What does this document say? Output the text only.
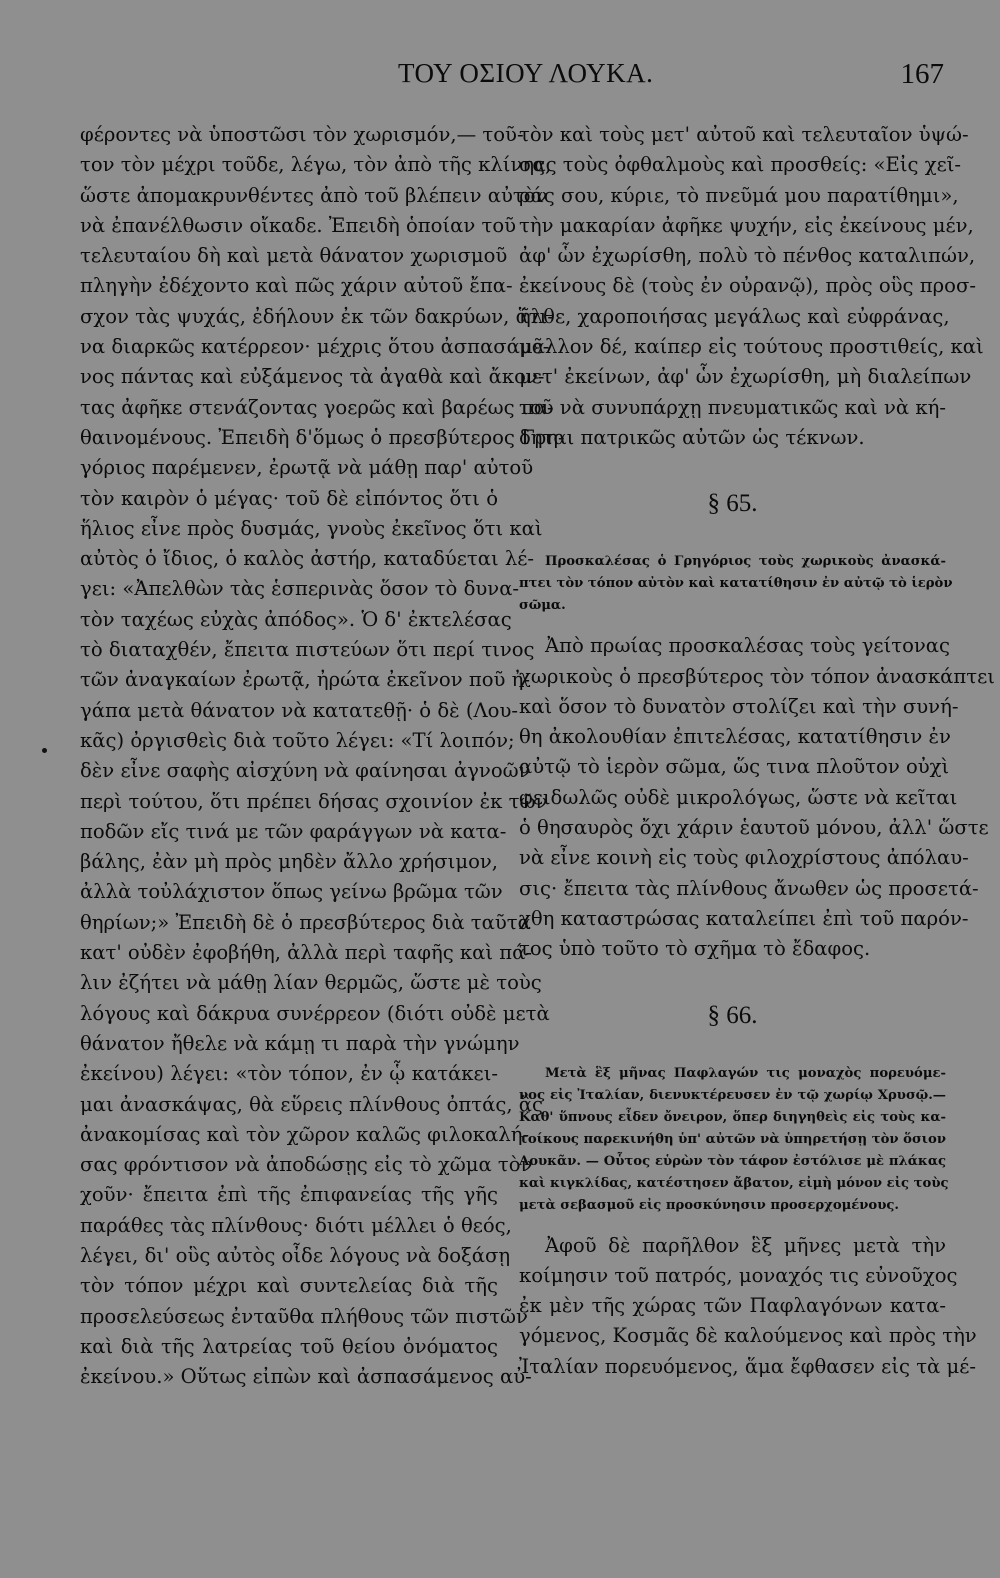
ΤΟΥ ΟΣΙΟΥ ΛΟΥΚΑ.	167
φέροντες νὰ ὑποστῶσι τὸν χωρισμόν,— τοῦ-
τον τὸν μέχρι τοῦδε, λέγω, τὸν ἀπὸ τῆς κλίνης,
ὥστε ἀπομακρυνθέντες ἀπὸ τοῦ βλέπειν αὐτὸν
νὰ ἐπανέλθωσιν οἴκαδε. Ἐπειδὴ ὁποίαν τοῦ
τελευταίου δὴ καὶ μετὰ θάνατον χωρισμοῦ
πληγὴν ἐδέχοντο καὶ πῶς χάριν αὐτοῦ ἔπα-
σχον τὰς ψυχάς, ἐδήλουν ἐκ τῶν δακρύων, ἅτι-
να διαρκῶς κατέρρεον· μέχρις ὅτου ἀσπασάμε-
νος πάντας καὶ εὐξάμενος τὰ ἀγαθὰ καὶ ἄκον-
τας ἀφῆκε στενάζοντας γοερῶς καὶ βαρέως πα-
θαινομένους. Ἐπειδὴ δ'ὅμως ὁ πρεσβύτερος Γρη-
γόριος παρέμενεν, ἐρωτᾷ νὰ μάθῃ παρ' αὐτοῦ
τὸν καιρὸν ὁ μέγας· τοῦ δὲ εἰπόντος ὅτι ὁ
ἥλιος εἶνε πρὸς δυσμάς, γνοὺς ἐκεῖνος ὅτι καὶ
αὐτὸς ὁ ἴδιος, ὁ καλὸς ἀστήρ, καταδύεται λέ-
γει: «Ἀπελθὼν τὰς ἑσπερινὰς ὅσον τὸ δυνα-
τὸν ταχέως εὐχὰς ἀπόδος». Ὁ δ' ἐκτελέσας
τὸ διαταχθέν, ἔπειτα πιστεύων ὅτι περί τινος
τῶν ἀναγκαίων ἐρωτᾷ, ἠρώτα ἐκεῖνον ποῦ ἠ-
γάπα μετὰ θάνατον νὰ κατατεθῇ· ὁ δὲ (Λου-
κᾶς) ὀργισθεὶς διὰ τοῦτο λέγει: «Τί λοιπόν;
δὲν εἶνε σαφὴς αἰσχύνη νὰ φαίνησαι ἀγνοῶν
περὶ τούτου, ὅτι πρέπει δήσας σχοινίον ἐκ τῶν
ποδῶν εἴς τινά με τῶν φαράγγων νὰ κατα-
βάλης, ἐὰν μὴ πρὸς μηδὲν ἄλλο χρήσιμον,
ἀλλὰ τοὐλάχιστον ὅπως γείνω βρῶμα τῶν
θηρίων;» Ἐπειδὴ δὲ ὁ πρεσβύτερος διὰ ταῦτα
κατ' οὐδὲν ἐφοβήθη, ἀλλὰ περὶ ταφῆς καὶ πά-
λιν ἐζήτει νὰ μάθῃ λίαν θερμῶς, ὥστε μὲ τοὺς
λόγους καὶ δάκρυα συνέρρεον (διότι οὐδὲ μετὰ
θάνατον ἤθελε νὰ κάμῃ τι παρὰ τὴν γνώμην
ἐκείνου) λέγει: «τὸν τόπον, ἐν ᾧ κατάκει-
μαι ἀνασκάψας, θὰ εὕρεις πλίνθους ὀπτάς, ἃς
ἀνακομίσας καὶ τὸν χῶρον καλῶς φιλοκαλή-
σας φρόντισον νὰ ἀποδώσῃς εἰς τὸ χῶμα τὸν
χοῦν· ἔπειτα ἐπὶ τῆς ἐπιφανείας τῆς γῆς
παράθες τὰς πλίνθους· διότι μέλλει ὁ θεός,
λέγει, δι' οὓς αὐτὸς οἶδε λόγους νὰ δοξάσῃ
τὸν τόπον μέχρι καὶ συντελείας διὰ τῆς
προσελεύσεως ἐνταῦθα πλήθους τῶν πιστῶν
καὶ διὰ τῆς λατρείας τοῦ θείου ὀνόματος
ἐκείνου.» Οὕτως εἰπὼν καὶ ἀσπασάμενος αὐ-
τὸν καὶ τοὺς μετ' αὐτοῦ καὶ τελευταῖον ὑψώ-
σας τοὺς ὀφθαλμοὺς καὶ προσθείς: «Εἰς χεῖ-
ράς σου, κύριε, τὸ πνεῦμά μου παρατίθημι»,
τὴν μακαρίαν ἀφῆκε ψυχήν, εἰς ἐκείνους μέν,
ἀφ' ὧν ἐχωρίσθη, πολὺ τὸ πένθος καταλιπών,
ἐκείνους δὲ (τοὺς ἐν οὐρανῷ), πρὸς οὓς προσ-
ῆλθε, χαροποιήσας μεγάλως καὶ εὐφράνας,
μᾶλλον δέ, καίπερ εἰς τούτους προστιθείς, καὶ
μετ' ἐκείνων, ἀφ' ὧν ἐχωρίσθη, μὴ διαλείπων
τοῦ νὰ συνυπάρχῃ πνευματικῶς καὶ νὰ κή-
δηται πατρικῶς αὐτῶν ὡς τέκνων.
§ 65.
Προσκαλέσας ὁ Γρηγόριος τοὺς χωρικοὺς ἀνασκά-
πτει τὸν τόπον αὐτὸν καὶ κατατίθησιν ἐν αὐτῷ τὸ ἱερὸν
σῶμα.
Ἀπὸ πρωίας προσκαλέσας τοὺς γείτονας
χωρικοὺς ὁ πρεσβύτερος τὸν τόπον ἀνασκάπτει
καὶ ὅσον τὸ δυνατὸν στολίζει καὶ τὴν συνή-
θη ἀκολουθίαν ἐπιτελέσας, κατατίθησιν ἐν
αὐτῷ τὸ ἱερὸν σῶμα, ὥς τινα πλοῦτον οὐχὶ
φειδωλῶς οὐδὲ μικρολόγως, ὥστε νὰ κεῖται
ὁ θησαυρὸς ὄχι χάριν ἑαυτοῦ μόνου, ἀλλ' ὥστε
νὰ εἶνε κοινὴ εἰς τοὺς φιλοχρίστους ἀπόλαυ-
σις· ἔπειτα τὰς πλίνθους ἄνωθεν ὡς προσετά-
χθη καταστρώσας καταλείπει ἐπὶ τοῦ παρόν-
τος ὑπὸ τοῦτο τὸ σχῆμα τὸ ἔδαφος.
§ 66.
Μετὰ ἓξ μῆνας Παφλαγών τις μοναχὸς πορευόμε-
νος εἰς Ἰταλίαν, διενυκτέρευσεν ἐν τῷ χωρίῳ Χρυσῷ.—
Καθ' ὕπνους εἶδεν ὄνειρον, ὅπερ διηγηθεὶς εἰς τοὺς κα-
τοίκους παρεκινήθη ὑπ' αὐτῶν νὰ ὑπηρετήσῃ τὸν ὅσιον
Λουκᾶν. — Οὗτος εὑρὼν τὸν τάφον ἐστόλισε μὲ πλάκας
καὶ κιγκλίδας, κατέστησεν ἄβατον, εἰμὴ μόνον εἰς τοὺς
μετὰ σεβασμοῦ εἰς προσκύνησιν προσερχομένους.
Ἀφοῦ δὲ παρῆλθον ἓξ μῆνες μετὰ τὴν
κοίμησιν τοῦ πατρός, μοναχός τις εὐνοῦχος
ἐκ μὲν τῆς χώρας τῶν Παφλαγόνων κατα-
γόμενος, Κοσμᾶς δὲ καλούμενος καὶ πρὸς τὴν
Ἰταλίαν πορευόμενος, ἅμα ἔφθασεν εἰς τὰ μέ-
